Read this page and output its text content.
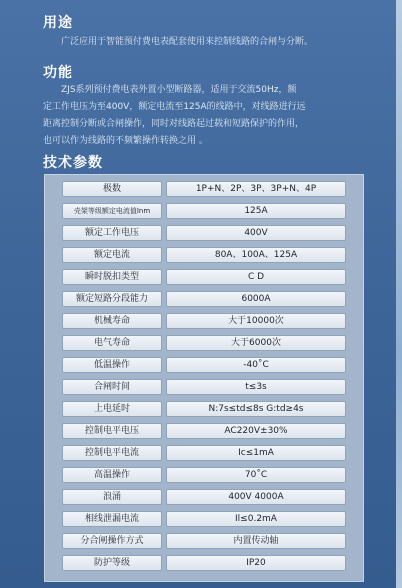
用途
广泛应用于智能预付费电表配套使用来控制线路的合闸与分断。
功能
ZJS系列预付费电表外置小型断路器，适用于交流50Hz，额
定工作电压为至400V，额定电流至125A的线路中，对线路进行远
距离控制分断或合闸操作，同时对线路起过载和短路保护的作用，
也可以作为线路的不频繁操作转换之用 。
技术参数
极数	1P+N、2P、3P、3P+N、4P
壳架等级额定电流值Inm	125A
额定工作电压	400V
额定电流	80A、100A、125A
瞬时脱扣类型	C D
额定短路分段能力	6000A
机械寿命	大于10000次
电气寿命	大于6000次
低温操作	-40˚C
合闸时间	t≤3s
上电延时	N:7s≤td≤8s G:td≥4s
控制电平电压	AC220V±30%
控制电平电流	Ic≤1mA
高温操作	70˚C
浪涌	400V 4000A
相线泄漏电流	Il≤0.2mA
分合闸操作方式	内置传动轴
防护等级	IP20
